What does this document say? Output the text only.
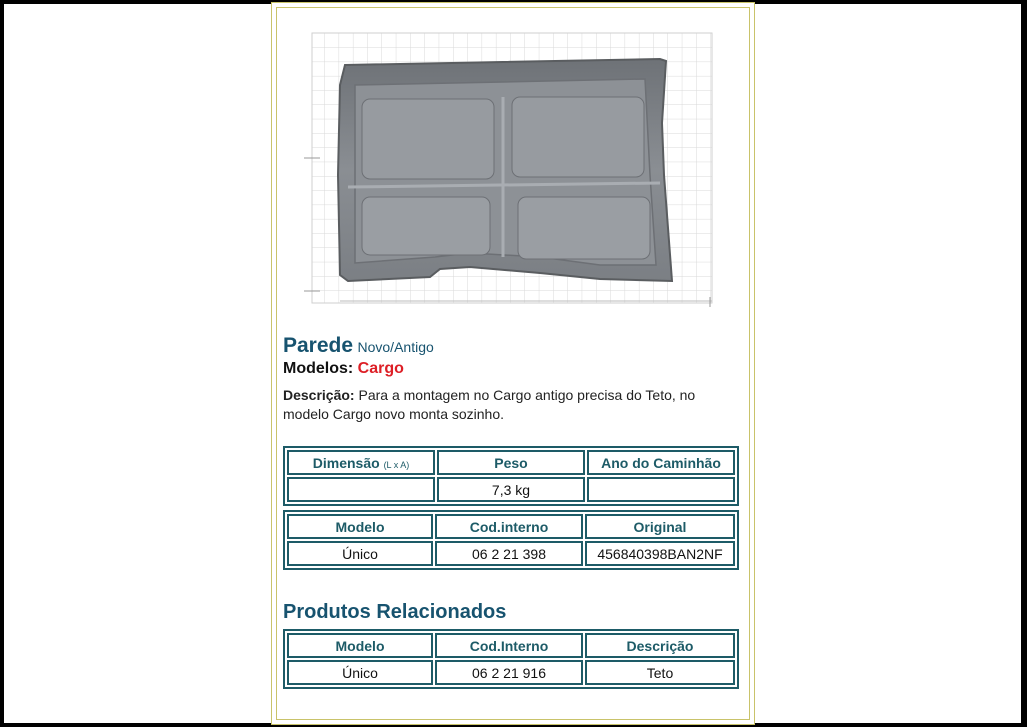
Parede Novo/Antigo
Modelos: Cargo
Descrição: Para a montagem no Cargo antigo precisa do Teto, no modelo Cargo novo monta sozinho.
Dimensão (L x A)	Peso	Ano do Caminhão
	7,3 kg	
Modelo	Cod.interno	Original
Único	06 2 21 398	456840398BAN2NF
Produtos Relacionados
Modelo	Cod.Interno	Descrição
Único	06 2 21 916	Teto
